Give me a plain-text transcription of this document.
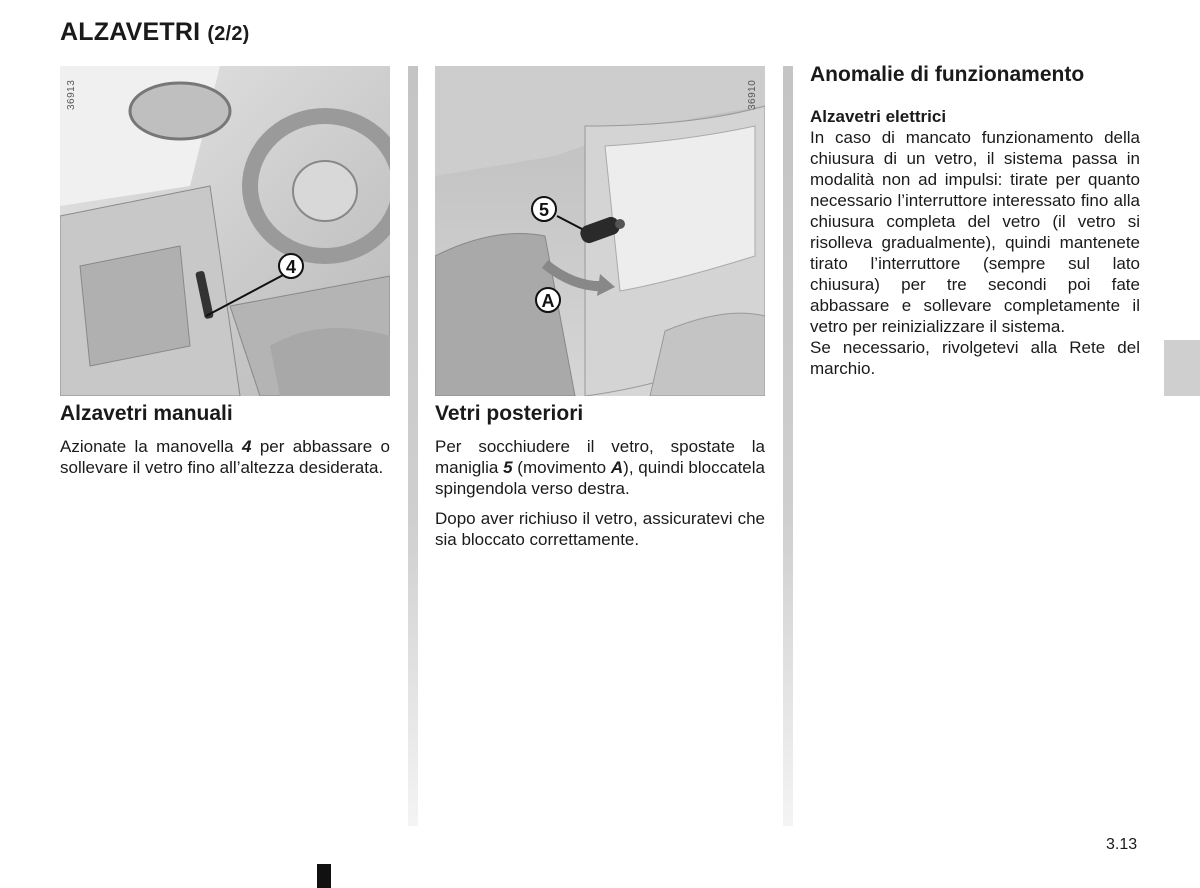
ALZAVETRI (2/2)
4
36913
5
A
36910
Alzavetri manuali

Azionate la manovella 4 per abbassare o sollevare il vetro fino all’altezza desiderata.

Vetri posteriori

Per socchiudere il vetro, spostate la maniglia 5 (movimento A), quindi bloccatela spingendola verso destra.

Dopo aver richiuso il vetro, assicuratevi che sia bloccato correttamente.

Anomalie di funzionamento

Alzavetri elettrici
In caso di mancato funzionamento della chiusura di un vetro, il sistema passa in modalità non ad impulsi: tirate per quanto necessario l’interruttore interessato fino alla chiusura completa del vetro (il vetro si risolleva gradualmente), quindi mantenete tirato l’interruttore (sempre sul lato chiusura) per tre secondi poi fate abbassare e sollevare completamente il vetro per reinizializzare il sistema.
Se necessario, rivolgetevi alla Rete del marchio.

3.13
